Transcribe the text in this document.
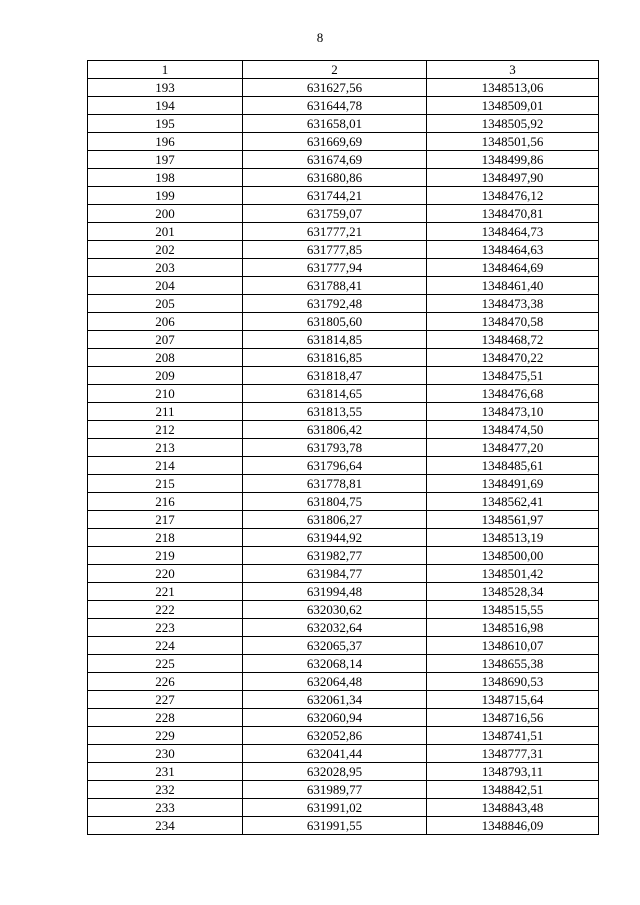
8
1	2	3
193	631627,56	1348513,06
194	631644,78	1348509,01
195	631658,01	1348505,92
196	631669,69	1348501,56
197	631674,69	1348499,86
198	631680,86	1348497,90
199	631744,21	1348476,12
200	631759,07	1348470,81
201	631777,21	1348464,73
202	631777,85	1348464,63
203	631777,94	1348464,69
204	631788,41	1348461,40
205	631792,48	1348473,38
206	631805,60	1348470,58
207	631814,85	1348468,72
208	631816,85	1348470,22
209	631818,47	1348475,51
210	631814,65	1348476,68
211	631813,55	1348473,10
212	631806,42	1348474,50
213	631793,78	1348477,20
214	631796,64	1348485,61
215	631778,81	1348491,69
216	631804,75	1348562,41
217	631806,27	1348561,97
218	631944,92	1348513,19
219	631982,77	1348500,00
220	631984,77	1348501,42
221	631994,48	1348528,34
222	632030,62	1348515,55
223	632032,64	1348516,98
224	632065,37	1348610,07
225	632068,14	1348655,38
226	632064,48	1348690,53
227	632061,34	1348715,64
228	632060,94	1348716,56
229	632052,86	1348741,51
230	632041,44	1348777,31
231	632028,95	1348793,11
232	631989,77	1348842,51
233	631991,02	1348843,48
234	631991,55	1348846,09
